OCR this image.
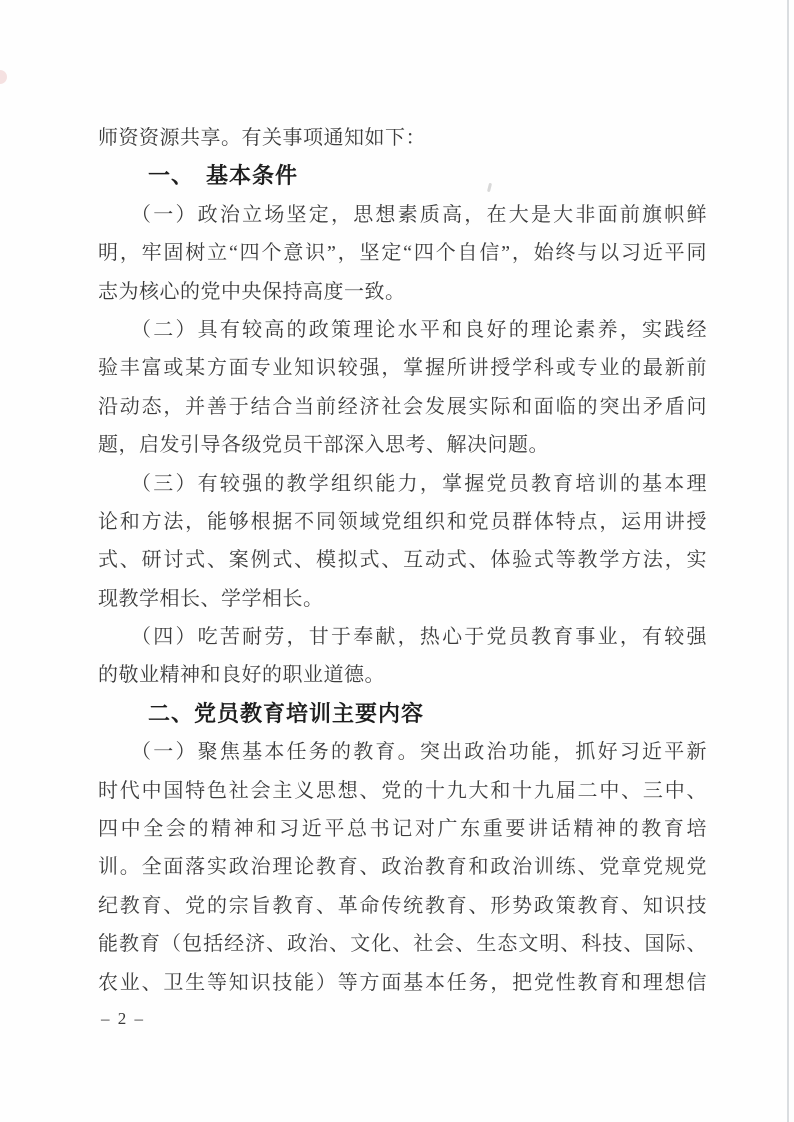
师资资源共享。有关事项通知如下：
一、　基本条件
（一）政治立场坚定，思想素质高，在大是大非面前旗帜鲜
明，牢固树立“四个意识”，坚定“四个自信”，始终与以习近平同
志为核心的党中央保持高度一致。
（二）具有较高的政策理论水平和良好的理论素养，实践经
验丰富或某方面专业知识较强，掌握所讲授学科或专业的最新前
沿动态，并善于结合当前经济社会发展实际和面临的突出矛盾问
题，启发引导各级党员干部深入思考、解决问题。
（三）有较强的教学组织能力，掌握党员教育培训的基本理
论和方法，能够根据不同领域党组织和党员群体特点，运用讲授
式、研讨式、案例式、模拟式、互动式、体验式等教学方法，实
现教学相长、学学相长。
（四）吃苦耐劳，甘于奉献，热心于党员教育事业，有较强
的敬业精神和良好的职业道德。
二、党员教育培训主要内容
（一）聚焦基本任务的教育。突出政治功能，抓好习近平新
时代中国特色社会主义思想、党的十九大和十九届二中、三中、
四中全会的精神和习近平总书记对广东重要讲话精神的教育培
训。全面落实政治理论教育、政治教育和政治训练、党章党规党
纪教育、党的宗旨教育、革命传统教育、形势政策教育、知识技
能教育（包括经济、政治、文化、社会、生态文明、科技、国际、
农业、卫生等知识技能）等方面基本任务，把党性教育和理想信
– 2 –
